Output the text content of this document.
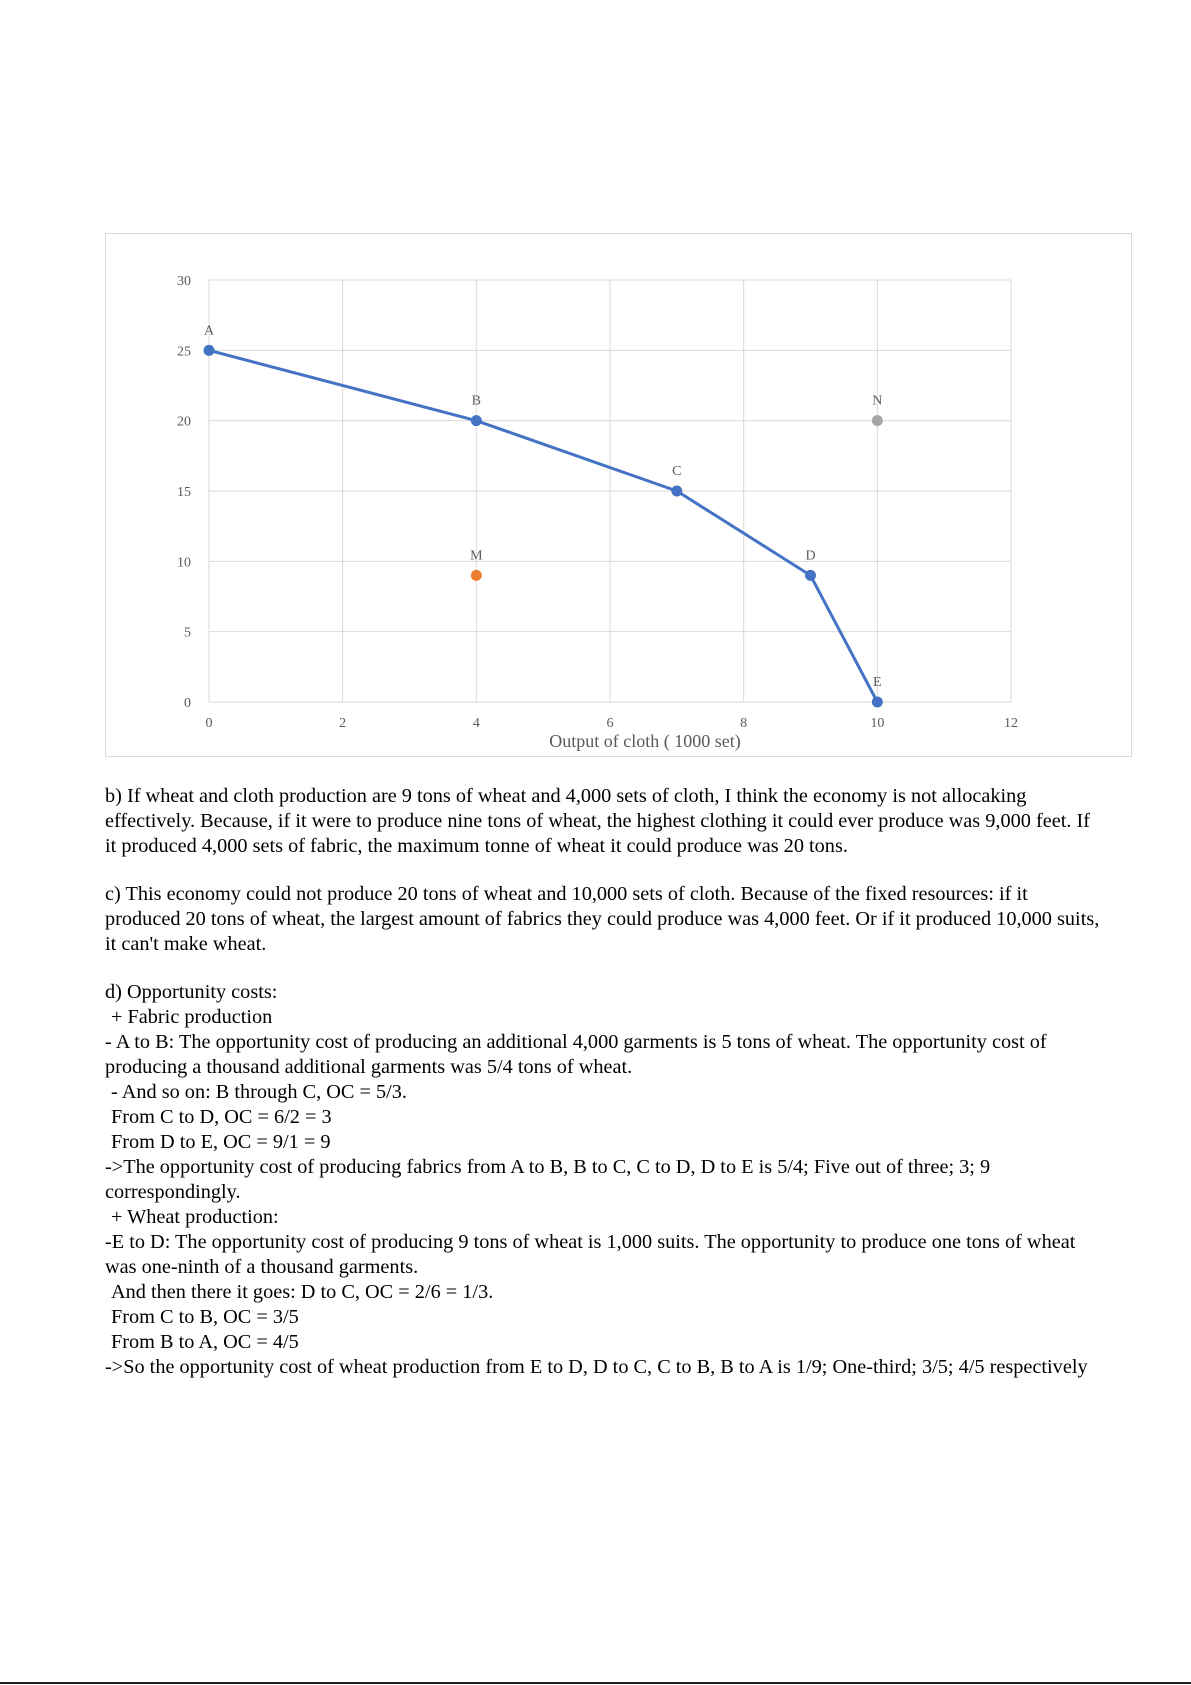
0
5
10
15
20
25
30
0	2	4	6	8	10	12
A
B
C
D
E
M
N
Output of cloth ( 1000 set)

b) If wheat and cloth production are 9 tons of wheat and 4,000 sets of cloth, I think the economy is not allocaking effectively. Because, if it were to produce nine tons of wheat, the highest clothing it could ever produce was 9,000 feet. If it produced 4,000 sets of fabric, the maximum tonne of wheat it could produce was 20 tons.

c) This economy could not produce 20 tons of wheat and 10,000 sets of cloth. Because of the fixed resources: if it produced 20 tons of wheat, the largest amount of fabrics they could produce was 4,000 feet. Or if it produced 10,000 suits, it can't make wheat.

d) Opportunity costs:

+ Fabric production

- A to B: The opportunity cost of producing an additional 4,000 garments is 5 tons of wheat. The opportunity cost of producing a thousand additional garments was 5/4 tons of wheat.

- And so on: B through C, OC = 5/3.

From C to D, OC = 6/2 = 3

From D to E, OC = 9/1 = 9

->The opportunity cost of producing fabrics from A to B, B to C, C to D, D to E is 5/4; Five out of three; 3; 9 correspondingly.

+ Wheat production:

-E to D: The opportunity cost of producing 9 tons of wheat is 1,000 suits. The opportunity to produce one tons of wheat was one-ninth of a thousand garments.

And then there it goes: D to C, OC = 2/6 = 1/3.

From C to B, OC = 3/5

From B to A, OC = 4/5

->So the opportunity cost of wheat production from E to D, D to C, C to B, B to A is 1/9; One-third; 3/5; 4/5 respectively
